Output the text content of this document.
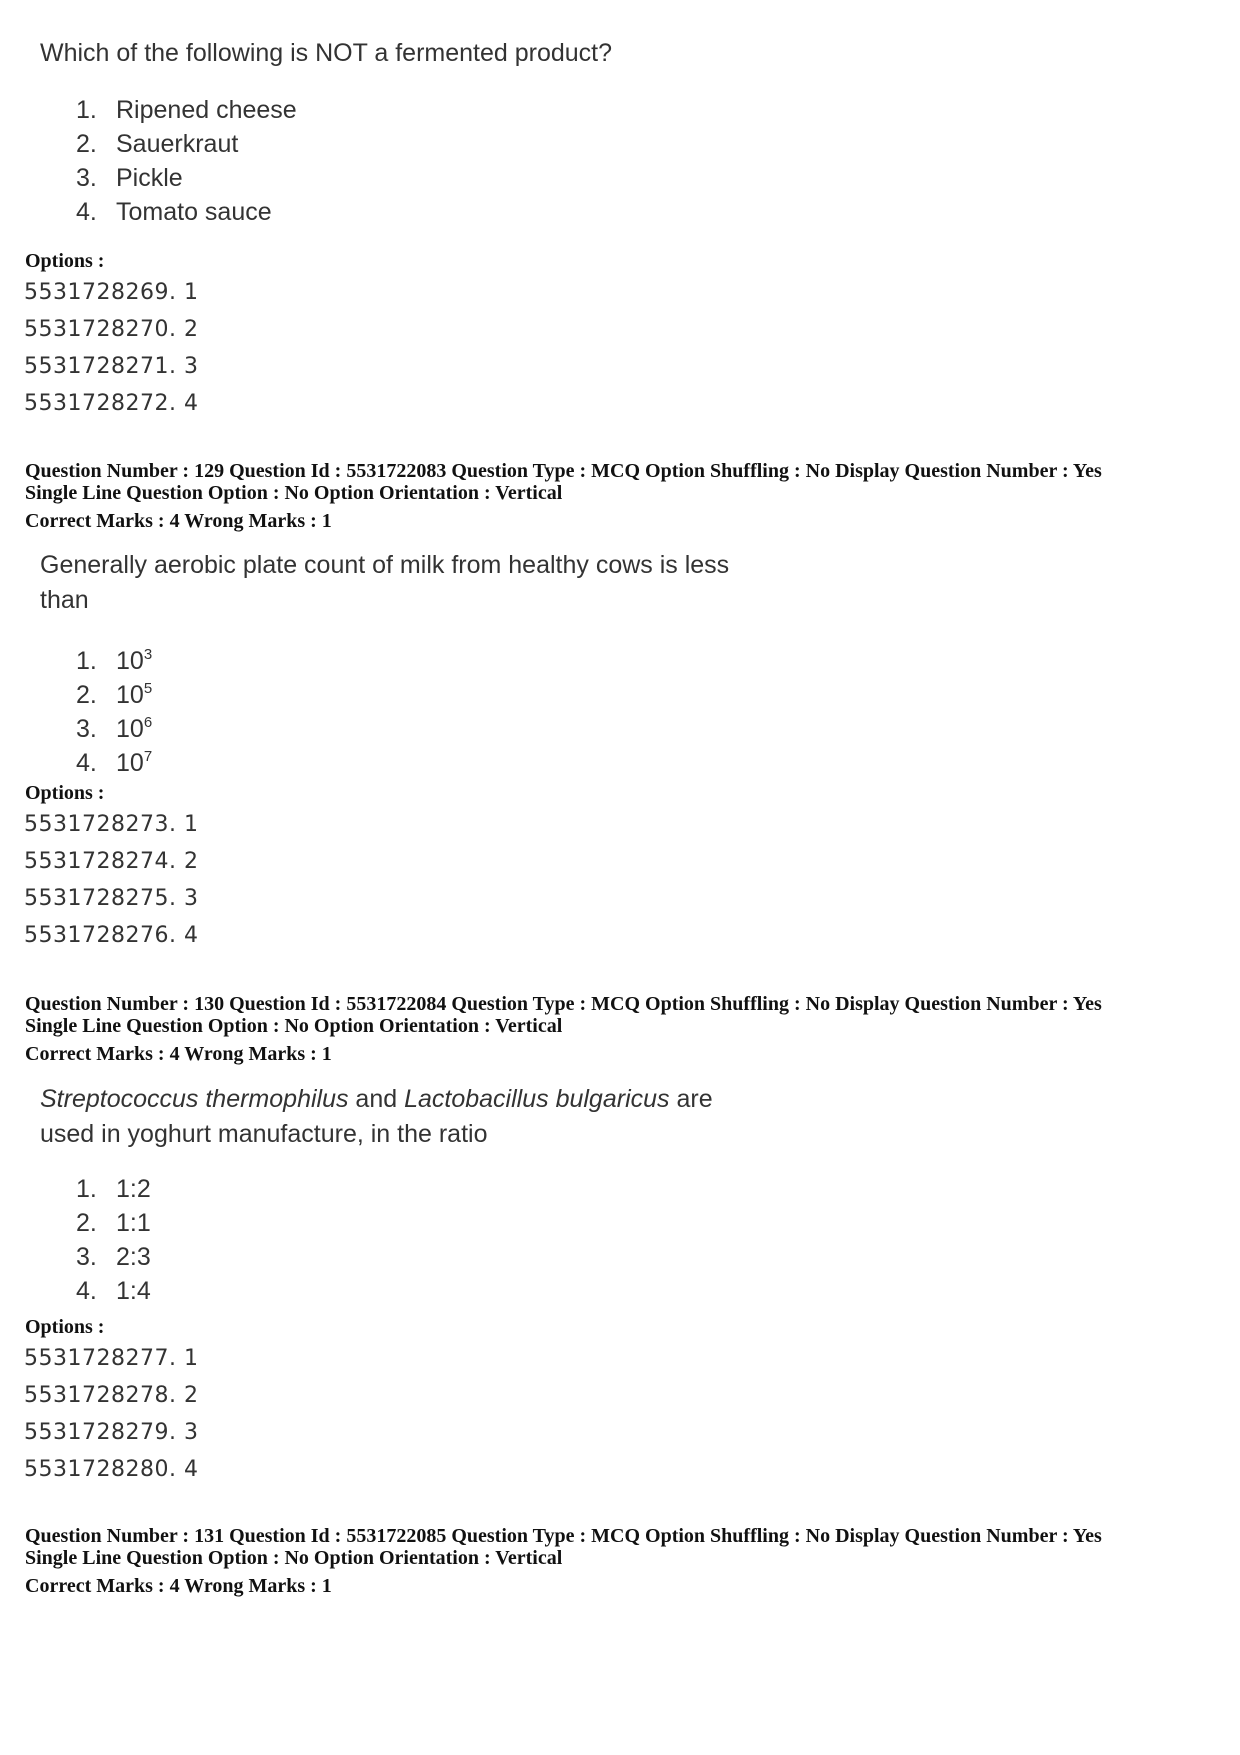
Which of the following is NOT a fermented product?
1. Ripened cheese
2. Sauerkraut
3. Pickle
4. Tomato sauce
Options :
5531728269. 1
5531728270. 2
5531728271. 3
5531728272. 4
Question Number : 129 Question Id : 5531722083 Question Type : MCQ Option Shuffling : No Display Question Number : Yes
Single Line Question Option : No Option Orientation : Vertical
Correct Marks : 4 Wrong Marks : 1
Generally aerobic plate count of milk from healthy cows is less
than
1. $10^3$
2. $10^5$
3. $10^6$
4. $10^7$
Options :
5531728273. 1
5531728274. 2
5531728275. 3
5531728276. 4
Question Number : 130 Question Id : 5531722084 Question Type : MCQ Option Shuffling : No Display Question Number : Yes
Single Line Question Option : No Option Orientation : Vertical
Correct Marks : 4 Wrong Marks : 1
Streptococcus thermophilus and Lactobacillus bulgaricus are
used in yoghurt manufacture, in the ratio
1. 1:2
2. 1:1
3. 2:3
4. 1:4
Options :
5531728277. 1
5531728278. 2
5531728279. 3
5531728280. 4
Question Number : 131 Question Id : 5531722085 Question Type : MCQ Option Shuffling : No Display Question Number : Yes
Single Line Question Option : No Option Orientation : Vertical
Correct Marks : 4 Wrong Marks : 1
